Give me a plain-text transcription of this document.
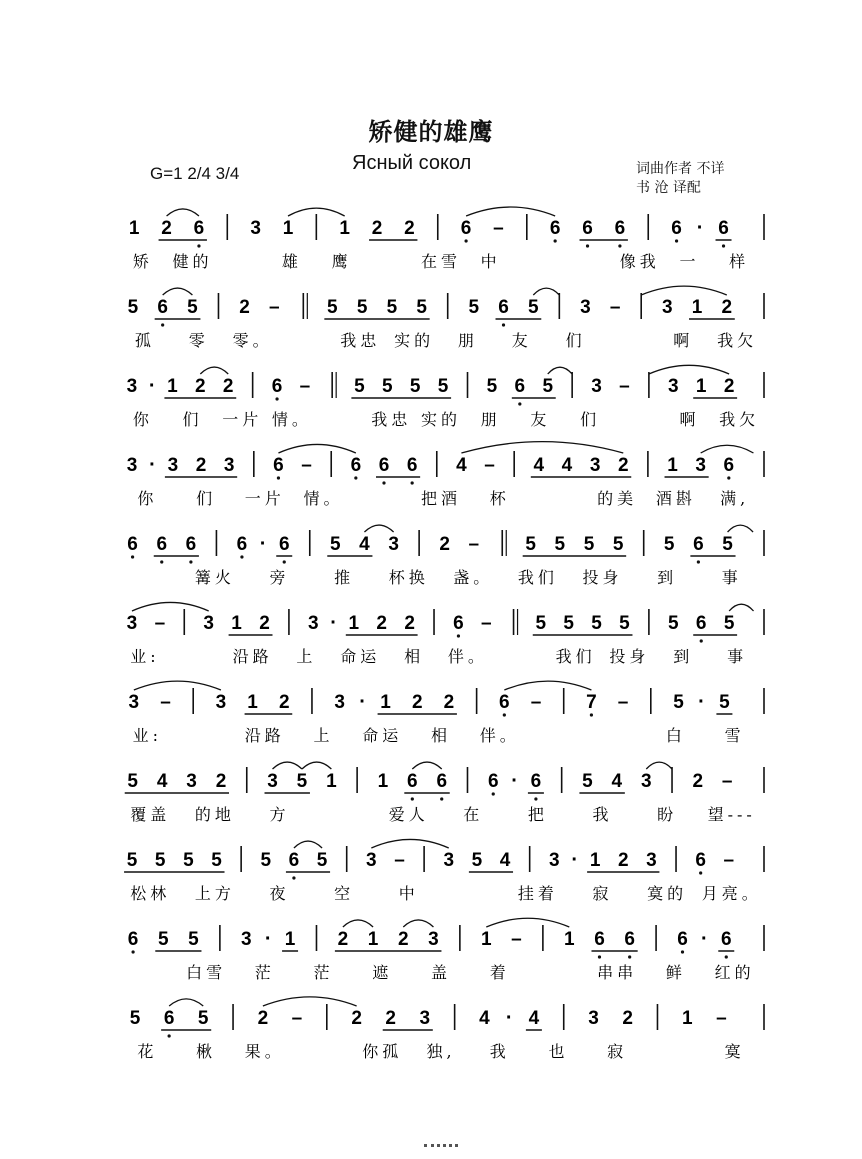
矫健的雄鹰
Ясный сокол
G=1 2/4 3/4	词曲作者 不详
书 沧 译配
1 2 6 3 1 1 2 2 6 – 6 6 6 6 · 6
矫 健的	雄 鹰	在雪 中	像我 一 样
5 6 5 2 – 5 5 5 5 5 6 5 3 – 3 1 2
孤 零 零。	我忠 实的 朋 友 们	啊 我欠
3 · 1 2 2 6 – 5 5 5 5 5 6 5 3 – 3 1 2
你 们 一片 情。	我忠 实的 朋 友 们	啊 我欠
3 · 3 2 3 6 – 6 6 6 4 – 4 4 3 2 1 3 6
你 们 一片 情。	把酒 杯	的美 酒斟 满,
6 6 6 6 · 6 5 4 3 2 – 5 5 5 5 5 6 5
篝火 旁	推 杯换 盏。 我们 投身 到	事
3 – 3 1 2 3 · 1 2 2 6 – 5 5 5 5 5 6 5
业:	沿路 上 命运 相 伴。	我们 投身 到 事
3 – 3 1 2 3 · 1 2 2 6 – 7 – 5 · 5
业:	沿路 上 命运 相 伴。	白 雪
5 4 3 2 3 5 1 1 6 6 6 · 6 5 4 3 2 –
覆盖 的地 方	爱人 在	把	我	盼 望---
5 5 5 5 5 6 5 3 – 3 5 4 3 · 1 2 3 6 –
松林 上方 夜	空	中	挂着 寂 寞的 月亮。
6 5 5 3 · 1 2 1 2 3 1 – 1 6 6 6 · 6
白雪 茫 茫 遮 盖 着	串串 鲜 红的
5 6 5	2 –	2 2 3	4 · 4	3 2	1 –
花 楸 果。	你孤 独, 我 也 寂	寞
